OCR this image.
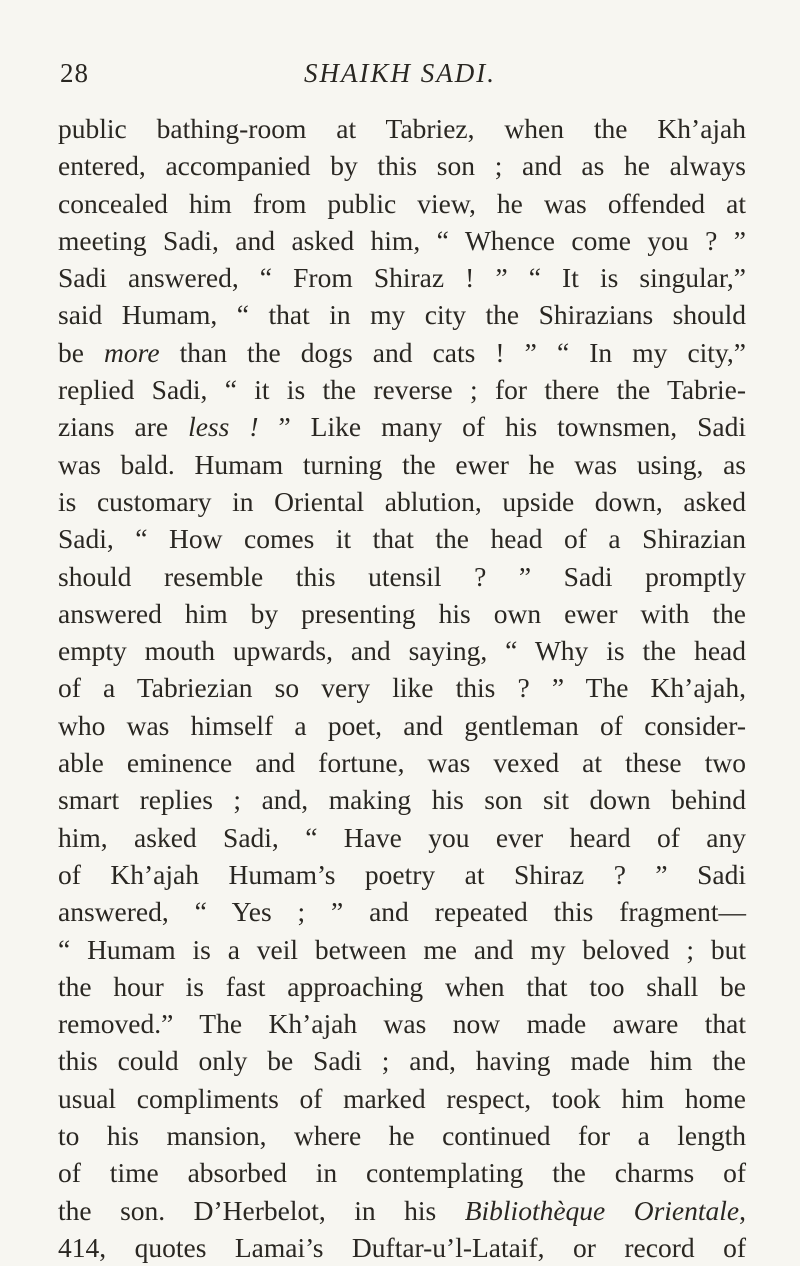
SHAIKH SADI.
28
public bathing-room at Tabriez, when the Kh’ajah
entered, accompanied by this son ; and as he always
concealed him from public view, he was offended at
meeting Sadi, and asked him, “ Whence come you ? ”
Sadi answered, “ From Shiraz ! ” “ It is singular,”
said Humam, “ that in my city the Shirazians should
be more than the dogs and cats ! ” “ In my city,”
replied Sadi, “ it is the reverse ; for there the Tabrie-
zians are less ! ” Like many of his townsmen, Sadi
was bald. Humam turning the ewer he was using, as
is customary in Oriental ablution, upside down, asked
Sadi, “ How comes it that the head of a Shirazian
should resemble this utensil ? ” Sadi promptly
answered him by presenting his own ewer with the
empty mouth upwards, and saying, “ Why is the head
of a Tabriezian so very like this ? ” The Kh’ajah,
who was himself a poet, and gentleman of consider-
able eminence and fortune, was vexed at these two
smart replies ; and, making his son sit down behind
him, asked Sadi, “ Have you ever heard of any
of Kh’ajah Humam’s poetry at Shiraz ? ” Sadi
answered, “ Yes ; ” and repeated this fragment—
“ Humam is a veil between me and my beloved ; but
the hour is fast approaching when that too shall be
removed.” The Kh’ajah was now made aware that
this could only be Sadi ; and, having made him the
usual compliments of marked respect, took him home
to his mansion, where he continued for a length
of time absorbed in contemplating the charms of
the son. D’Herbelot, in his Bibliothèque Orientale,
414, quotes Lamai’s Duftar-u’l-Lataif, or record of
